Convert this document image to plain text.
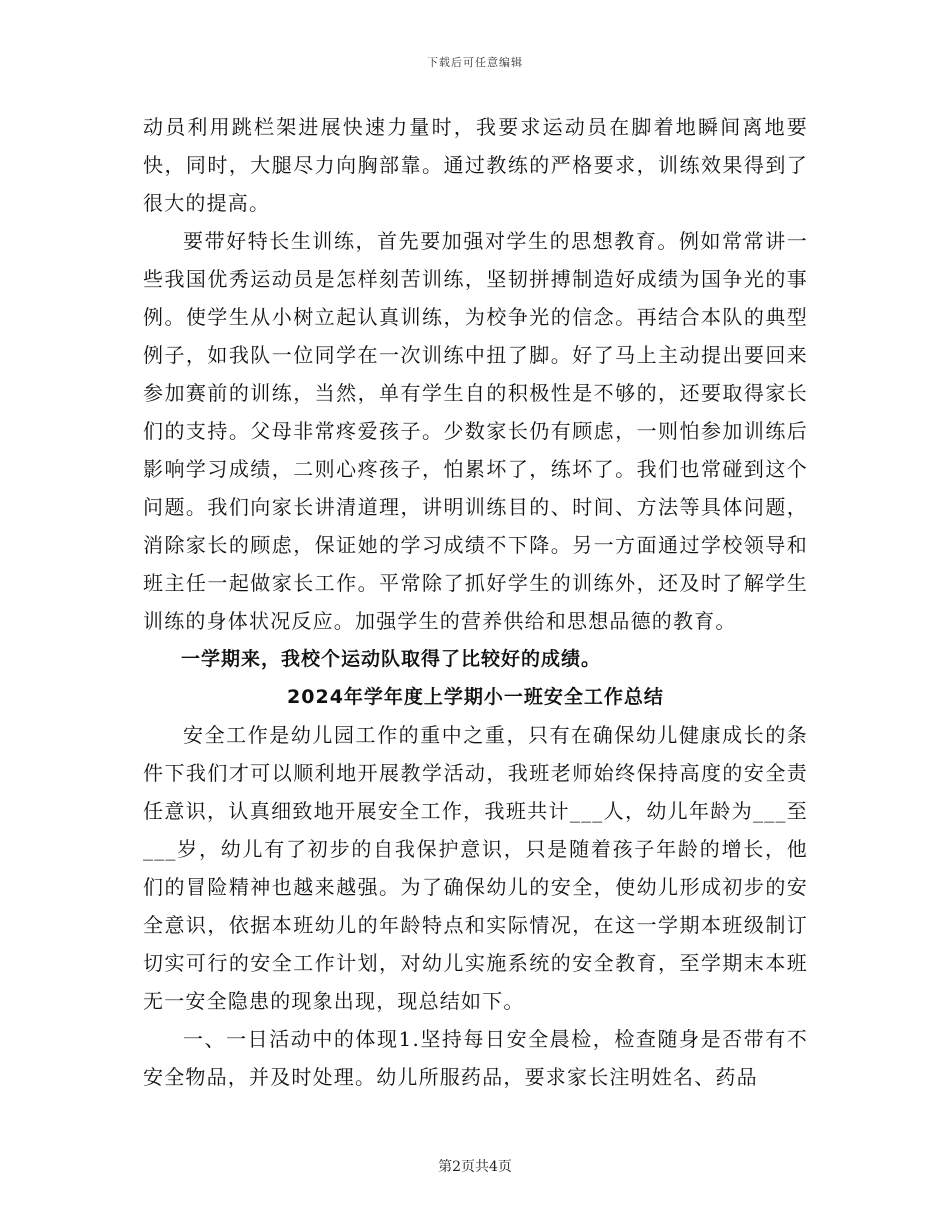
下载后可任意编辑

动员利用跳栏架进展快速力量时，我要求运动员在脚着地瞬间离地要快，同时，大腿尽力向胸部靠。通过教练的严格要求，训练效果得到了很大的提高。

要带好特长生训练，首先要加强对学生的思想教育。例如常常讲一些我国优秀运动员是怎样刻苦训练，坚韧拼搏制造好成绩为国争光的事例。使学生从小树立起认真训练，为校争光的信念。再结合本队的典型例子，如我队一位同学在一次训练中扭了脚。好了马上主动提出要回来参加赛前的训练，当然，单有学生自的积极性是不够的，还要取得家长们的支持。父母非常疼爱孩子。少数家长仍有顾虑，一则怕参加训练后影响学习成绩，二则心疼孩子，怕累坏了，练坏了。我们也常碰到这个问题。我们向家长讲清道理，讲明训练目的、时间、方法等具体问题，消除家长的顾虑，保证她的学习成绩不下降。另一方面通过学校领导和班主任一起做家长工作。平常除了抓好学生的训练外，还及时了解学生训练的身体状况反应。加强学生的营养供给和思想品德的教育。

一学期来，我校个运动队取得了比较好的成绩。

2024年学年度上学期小一班安全工作总结

安全工作是幼儿园工作的重中之重，只有在确保幼儿健康成长的条件下我们才可以顺利地开展教学活动，我班老师始终保持高度的安全责任意识，认真细致地开展安全工作，我班共计___人，幼儿年龄为___至___岁，幼儿有了初步的自我保护意识，只是随着孩子年龄的增长，他们的冒险精神也越来越强。为了确保幼儿的安全，使幼儿形成初步的安全意识，依据本班幼儿的年龄特点和实际情况，在这一学期本班级制订切实可行的安全工作计划，对幼儿实施系统的安全教育，至学期末本班无一安全隐患的现象出现，现总结如下。

一、一日活动中的体现1.坚持每日安全晨检，检查随身是否带有不安全物品，并及时处理。幼儿所服药品，要求家长注明姓名、药品

第2页共4页
